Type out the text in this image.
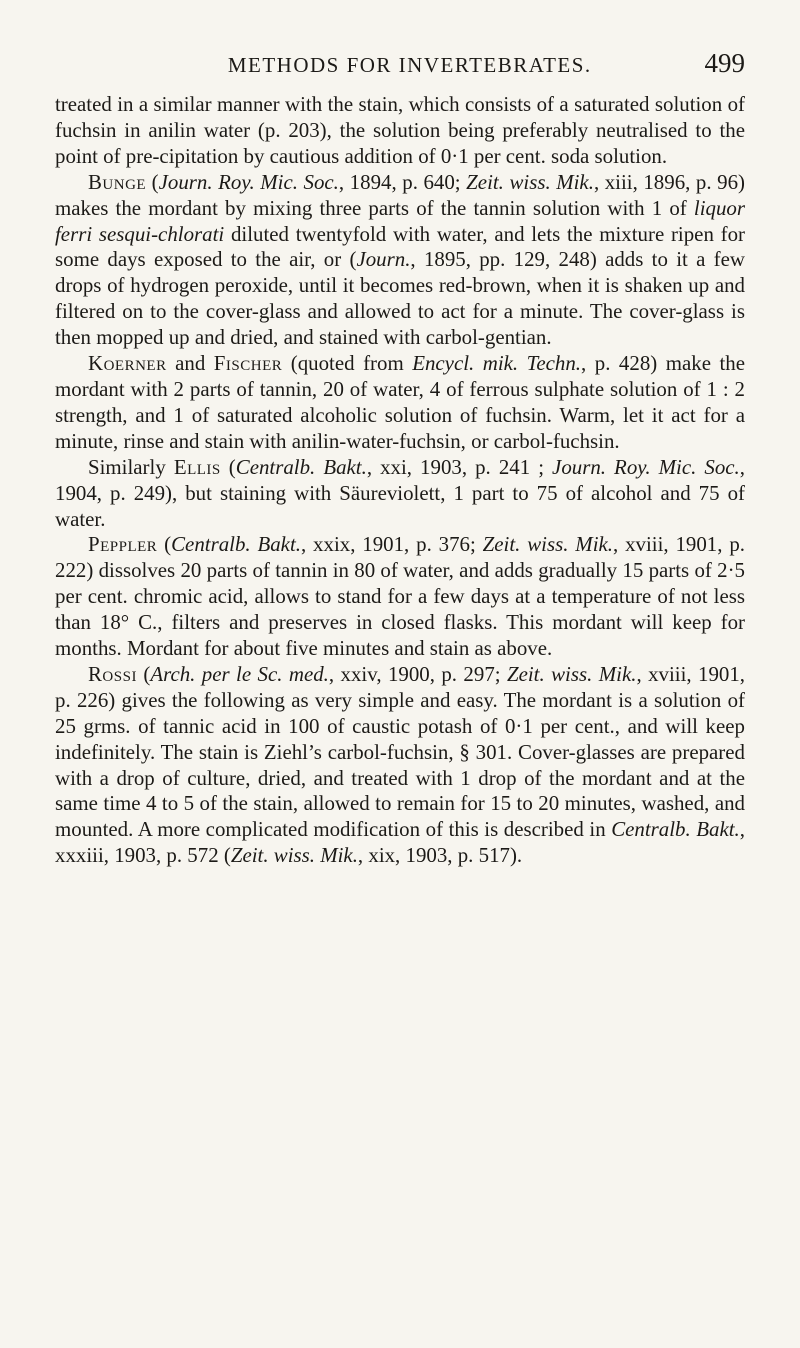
METHODS FOR INVERTEBRATES.	499

treated in a similar manner with the stain, which consists of a saturated solution of fuchsin in anilin water (p. 203), the solution being preferably neutralised to the point of pre-cipitation by cautious addition of 0·1 per cent. soda solution.

Bunge (Journ. Roy. Mic. Soc., 1894, p. 640; Zeit. wiss. Mik., xiii, 1896, p. 96) makes the mordant by mixing three parts of the tannin solution with 1 of liquor ferri sesqui-chlorati diluted twentyfold with water, and lets the mixture ripen for some days exposed to the air, or (Journ., 1895, pp. 129, 248) adds to it a few drops of hydrogen peroxide, until it becomes red-brown, when it is shaken up and filtered on to the cover-glass and allowed to act for a minute. The cover-glass is then mopped up and dried, and stained with carbol-gentian.

Koerner and Fischer (quoted from Encycl. mik. Techn., p. 428) make the mordant with 2 parts of tannin, 20 of water, 4 of ferrous sulphate solution of 1 : 2 strength, and 1 of saturated alcoholic solution of fuchsin. Warm, let it act for a minute, rinse and stain with anilin-water-fuchsin, or carbol-fuchsin.

Similarly Ellis (Centralb. Bakt., xxi, 1903, p. 241 ; Journ. Roy. Mic. Soc., 1904, p. 249), but staining with Säureviolett, 1 part to 75 of alcohol and 75 of water.

Peppler (Centralb. Bakt., xxix, 1901, p. 376; Zeit. wiss. Mik., xviii, 1901, p. 222) dissolves 20 parts of tannin in 80 of water, and adds gradually 15 parts of 2·5 per cent. chromic acid, allows to stand for a few days at a temperature of not less than 18° C., filters and preserves in closed flasks. This mordant will keep for months. Mordant for about five minutes and stain as above.

Rossi (Arch. per le Sc. med., xxiv, 1900, p. 297; Zeit. wiss. Mik., xviii, 1901, p. 226) gives the following as very simple and easy. The mordant is a solution of 25 grms. of tannic acid in 100 of caustic potash of 0·1 per cent., and will keep indefinitely. The stain is Ziehl’s carbol-fuchsin, § 301. Cover-glasses are prepared with a drop of culture, dried, and treated with 1 drop of the mordant and at the same time 4 to 5 of the stain, allowed to remain for 15 to 20 minutes, washed, and mounted. A more complicated modification of this is described in Centralb. Bakt., xxxiii, 1903, p. 572 (Zeit. wiss. Mik., xix, 1903, p. 517).
